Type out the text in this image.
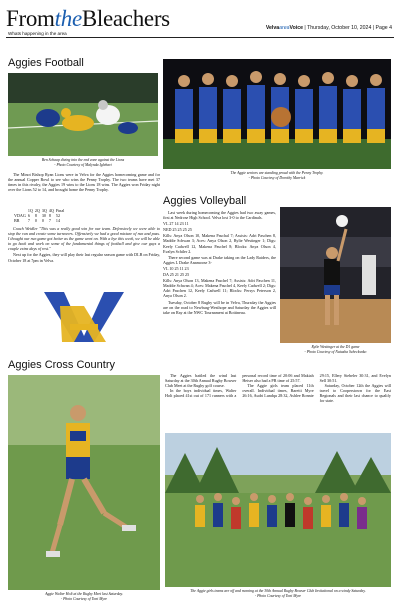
FromtheBleachers
Whats happening in the area
VelvaareaVoice | Thursday, October 10, 2024 | Page 4
Aggies Football
Ben Schaap diving into the end zone against the Lions
- Photo Courtesy of Malynda Iglehart
The Aggie seniors are standing proud with the Penny Trophy.
- Photo Courtesy of Dorothy Marrick

The Minot Bishop Ryan Lions were in Velva for the Aggies homecoming game and for the annual Copper Bowl to see who wins the Penny Trophy. The two teams have met 37 times in this rivalry, the Aggies 19 wins to the Lions 18 wins. The Aggies won Friday night over the Lions 52 to 14, and brought home the Penny Trophy.

	1Q	2Q	3Q	4Q	Final
VDAG	6	8	30	8	52
BR	7	0	0	7	14

Coach Weidler "This was a really good win for our team. Defensively we were able to stop the run and create some turnovers. Offensively we had a good mixture of run and pass. I thought our run game got better as the game went on. With a bye this week, we will be able to go back and work on some of the fundamental things of football and give our guys a couple extra days of rest."

Next up for the Aggies, they will play their last regular season game with DLB on Friday, October 18 at 7pm in Velva.

Aggies Volleyball

Last week during homecoming the Aggies had two away games, first at Nedrose High School. Velva lost 3-0 to the Cardinals.

VL 27 14 23 11

NED 25 25 25 25

Kills: Anya Olson 10, Makena Paschal 7; Assists: Adri Paschen 8, Maddie Schwan 3; Aces: Anya Olson 2, Rylie Westinger 1; Digs: Keely Cadwell 12, Makena Paschel 8; Blocks: Anya Olson 4, Evalyn Schiler 2.

There second game was at Drake taking on the Lady Raiders, the Aggies L Drake Anamoose 3-

VL 10 25 11 23

DA 25 21 25 25

Kills: Anya Olson 13, Makena Paschel 7; Assists: Adri Paschen 11, Maddie Schwan 4; Aces: Makena Paschel 4, Keely Cadwell 2; Digs: Adri Paschen 12, Keely Cadwell 11; Blocks: Persys Peterson 2, Anya Olson 2.

Tuesday, October 8 Rugby will be in Velva, Thursday the Aggies are on the road to Newburg-Westhope and Saturday the Aggies will take on Ray at the NWC Tournament at Bottineau.

Rylie Westinger at the D1 game
- Photo Courtesy of Natasha Schecksnko
Aggies Cross Country
Aggie Walter Holt at the Rugby Meet last Saturday.
- Photo Courtesy of Toni Myre

The Aggies battled the wind last Saturday at the 30th Annual Rugby Bowser Club Meet at the Rugby golf course.

In the boys individual times, Walter Holt placed 41st out of 171 runners with a personal record time of 20:06 and Makiah Heiser also had a PR time of 25:57.

The Aggie girls team placed 11th overall. Individual times, Baretti Myre 26:16, Audri Lundqu 28:32, Ashlee Ronnie 29:15, Ellery Siebeler 30:31, and Evelyn Sell 30:51.

Saturday, October 12th the Aggies will travel to Cooperstown for the East Regionals and their last chance to qualify for state.

The Aggie girls teams are off and running at the 30th Annual Rugby Bowser Club Invitational on a windy Saturday.
- Photo Courtesy of Toni Myre
